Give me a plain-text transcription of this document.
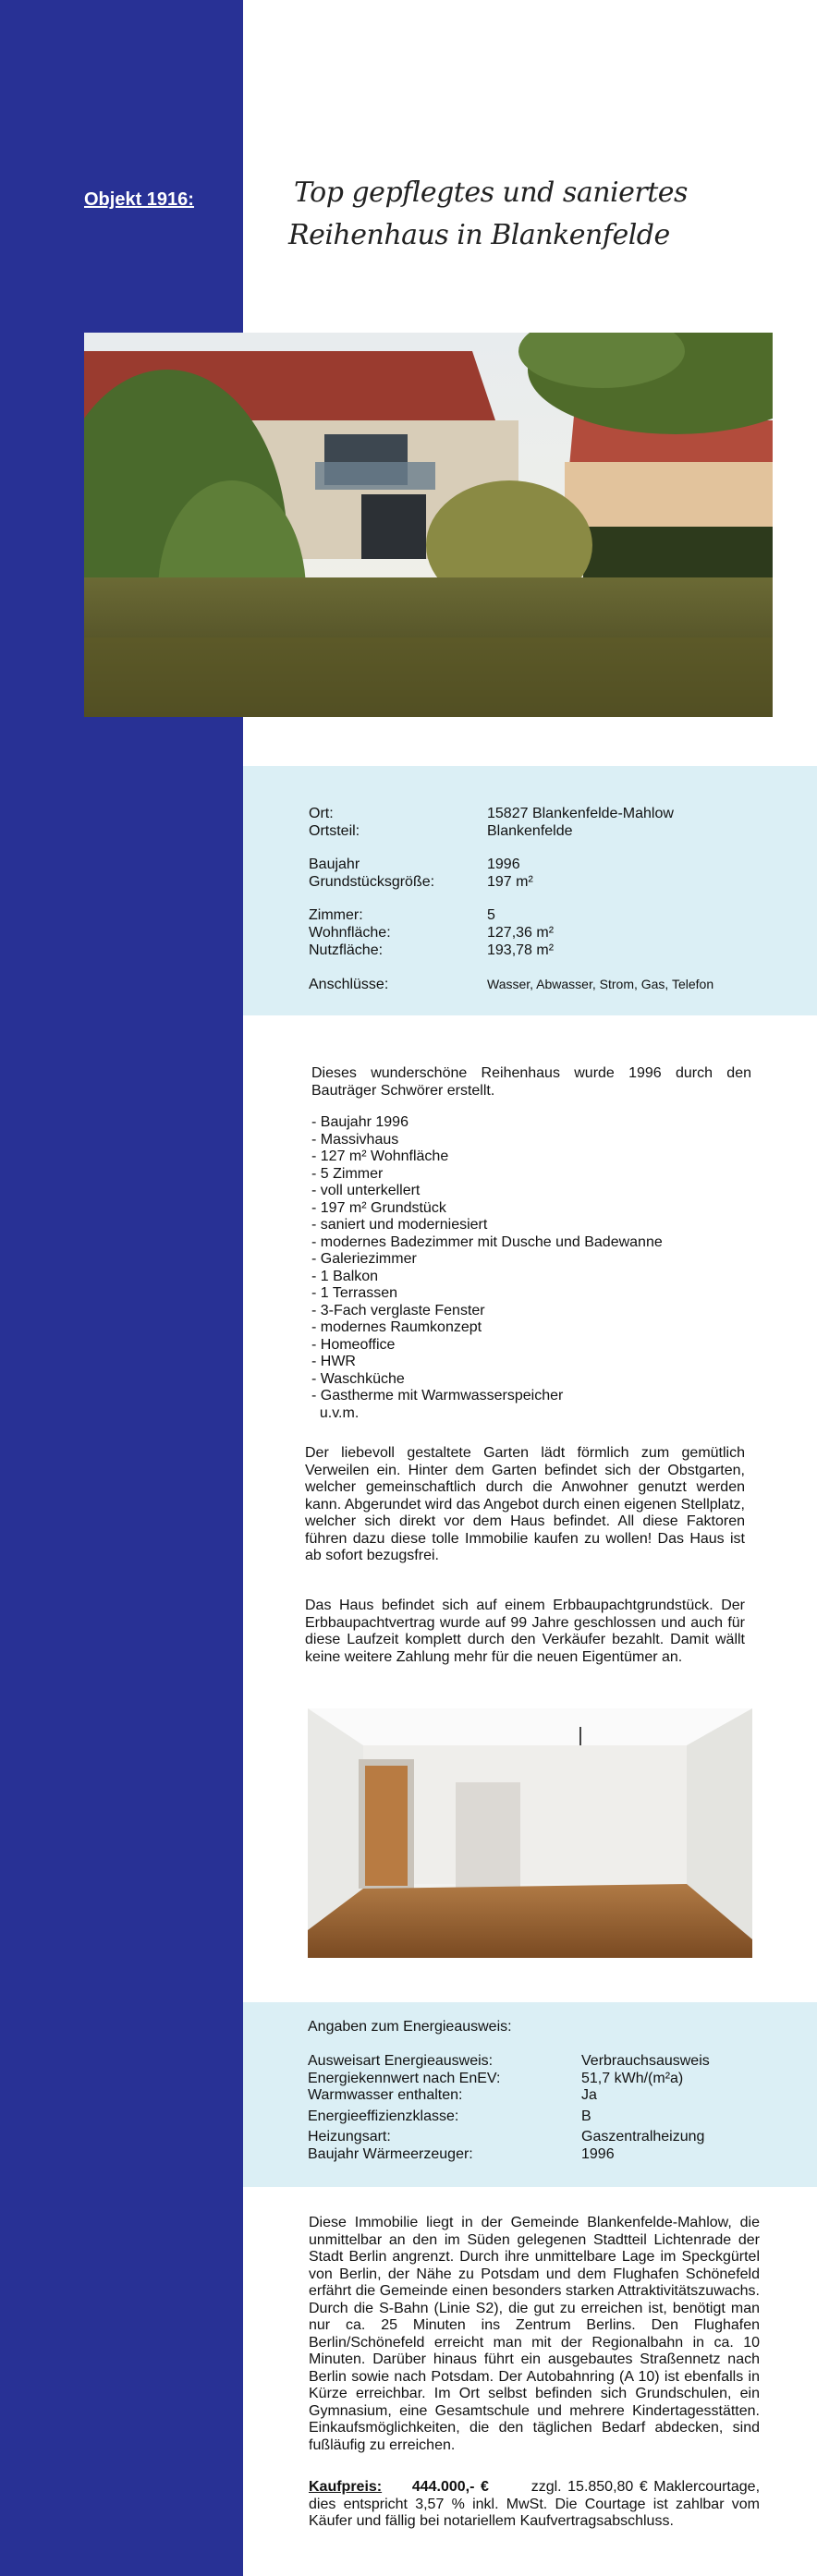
Objekt 1916:	Top gepflegtes und saniertes
Reihenhaus in Blankenfelde
Ort:	15827 Blankenfelde-Mahlow
Ortsteil:	Blankenfelde
Baujahr	1996
Grundstücksgröße:	197 m²
Zimmer:	5
Wohnfläche:	127,36 m²
Nutzfläche:	193,78 m²
Anschlüsse:	Wasser, Abwasser, Strom, Gas, Telefon
Dieses wunderschöne Reihenhaus wurde 1996 durch den Bauträger Schwörer erstellt.
- Baujahr 1996
- Massivhaus
- 127 m² Wohnfläche
- 5 Zimmer
- voll unterkellert
- 197 m² Grundstück
- saniert und moderniesiert
- modernes Badezimmer mit Dusche und Badewanne
- Galeriezimmer
- 1 Balkon
- 1 Terrassen
- 3-Fach verglaste Fenster
- modernes Raumkonzept
- Homeoffice
- HWR
- Waschküche
- Gastherme mit Warmwasserspeicher
u.v.m.
Der liebevoll gestaltete Garten lädt förmlich zum gemütlich Verweilen ein. Hinter dem Garten befindet sich der Obstgarten, welcher gemeinschaftlich durch die Anwohner genutzt werden kann. Abgerundet wird das Angebot durch einen eigenen Stellplatz, welcher sich direkt vor dem Haus befindet. All diese Faktoren führen dazu diese tolle Immobilie kaufen zu wollen! Das Haus ist ab sofort bezugsfrei.
Das Haus befindet sich auf einem Erbbaupachtgrundstück. Der Erbbaupachtvertrag wurde auf 99 Jahre geschlossen und auch für diese Laufzeit komplett durch den Verkäufer bezahlt. Damit wällt keine weitere Zahlung mehr für die neuen Eigentümer an.
Angaben zum Energieausweis:
Ausweisart Energieausweis:	Verbrauchsausweis
Energiekennwert nach EnEV:	51,7 kWh/(m²a)
Warmwasser enthalten:	Ja
Energieeffizienzklasse:	B
Heizungsart:	Gaszentralheizung
Baujahr Wärmeerzeuger:	1996
Diese Immobilie liegt in der Gemeinde Blankenfelde-Mahlow, die unmittelbar an den im Süden gelegenen Stadtteil Lichtenrade der Stadt Berlin angrenzt. Durch ihre unmittelbare Lage im Speckgürtel von Berlin, der Nähe zu Potsdam und dem Flughafen Schönefeld erfährt die Gemeinde einen besonders starken Attraktivitätszuwachs. Durch die S-Bahn (Linie S2), die gut zu erreichen ist, benötigt man nur ca. 25 Minuten ins Zentrum Berlins. Den Flughafen Berlin/Schönefeld erreicht man mit der Regionalbahn in ca. 10 Minuten. Darüber hinaus führt ein ausgebautes Straßennetz nach Berlin sowie nach Potsdam. Der Autobahnring (A 10) ist ebenfalls in Kürze erreichbar. Im Ort selbst befinden sich Grundschulen, ein Gymnasium, eine Gesamtschule und mehrere Kindertagesstätten. Einkaufsmöglichkeiten, die den täglichen Bedarf abdecken, sind fußläufig zu erreichen.
Kaufpreis: 444.000,- €	zzgl. 15.850,80 € Maklercourtage, dies entspricht 3,57 % inkl. MwSt. Die Courtage ist zahlbar vom Käufer und fällig bei notariellem Kaufvertragsabschluss.
